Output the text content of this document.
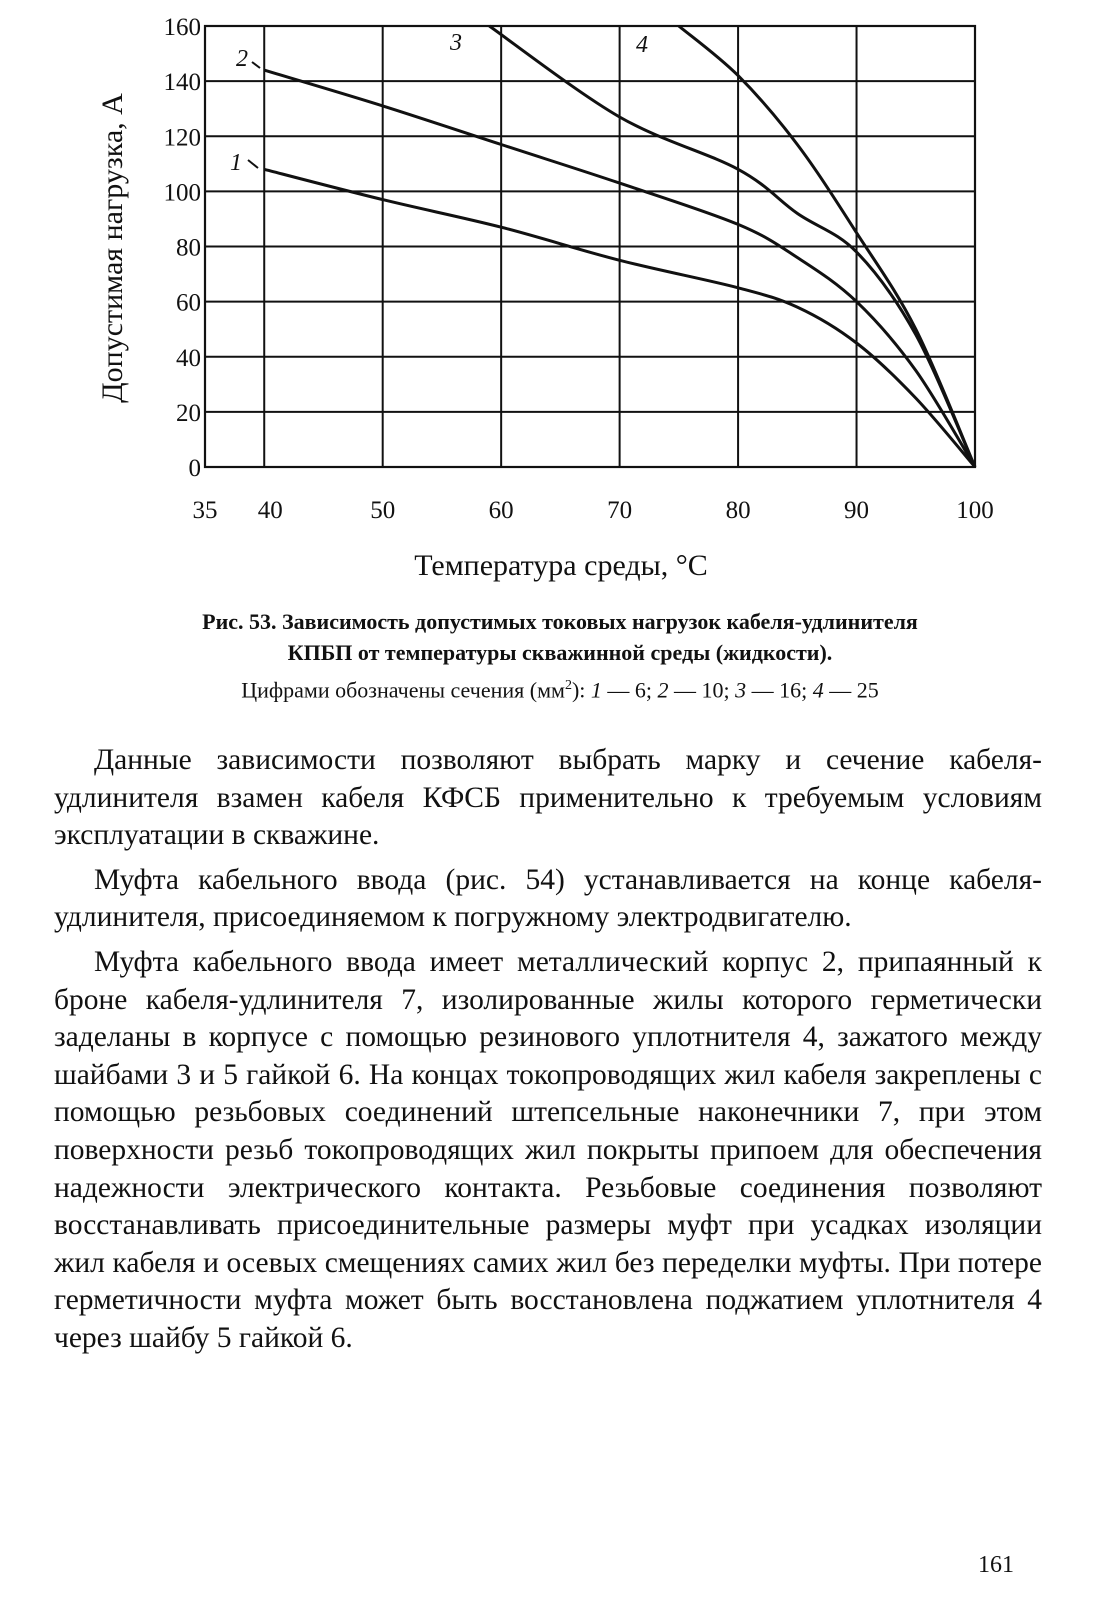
0
20
40
60
80
100
120
140
160
35 40	50	60	70	80	90	100
1
2
3	4
Допустимая нагрузка, А
Температура среды, °С
Рис. 53. Зависимость допустимых токовых нагрузок кабеля-удлинителя
КПБП от температуры скважинной среды (жидкости).
Цифрами обозначены сечения $(мм^2)$: 1 — 6; 2 — 10; 3 — 16; 4 — 25

Данные зависимости позволяют выбрать марку и сечение кабеля-удлинителя взамен кабеля КФСБ применительно к требуемым условиям эксплуатации в скважине.

Муфта кабельного ввода (рис. 54) устанавливается на конце кабеля-удлинителя, присоединяемом к погружному электродвигателю.

Муфта кабельного ввода имеет металлический корпус 2, припаянный к броне кабеля-удлинителя 7, изолированные жилы которого герметически заделаны в корпусе с помощью резинового уплотнителя 4, зажатого между шайбами 3 и 5 гайкой 6. На концах токопроводящих жил кабеля закреплены с помощью резьбовых соединений штепсельные наконечники 7, при этом поверхности резьб токопроводящих жил покрыты припоем для обеспечения надежности электрического контакта. Резьбовые соединения позволяют восстанавливать присоединительные размеры муфт при усадках изоляции жил кабеля и осевых смещениях самих жил без переделки муфты. При потере герметичности муфта может быть восстановлена поджатием уплотнителя 4 через шайбу 5 гайкой 6.

161
